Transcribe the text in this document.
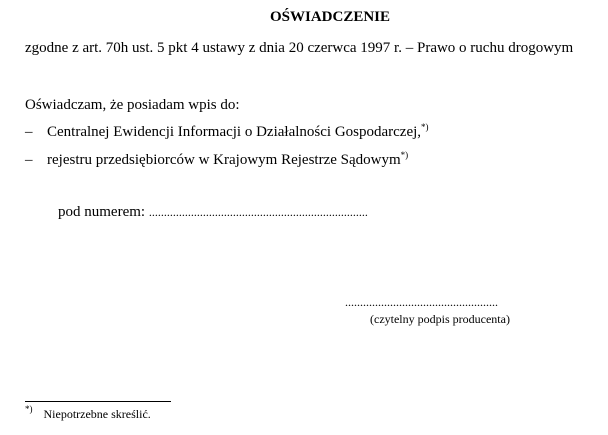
OŚWIADCZENIE
zgodne z art. 70h ust. 5 pkt 4 ustawy z dnia 20 czerwca 1997 r. – Prawo o ruchu drogowym
Oświadczam, że posiadam wpis do:
– Centralnej Ewidencji Informacji o Działalności Gospodarczej,*)
– rejestru przedsiębiorców w Krajowym Rejestrze Sądowym*)
pod numerem: .........................................................................
...................................................
(czytelny podpis producenta)
*) Niepotrzebne skreślić.
